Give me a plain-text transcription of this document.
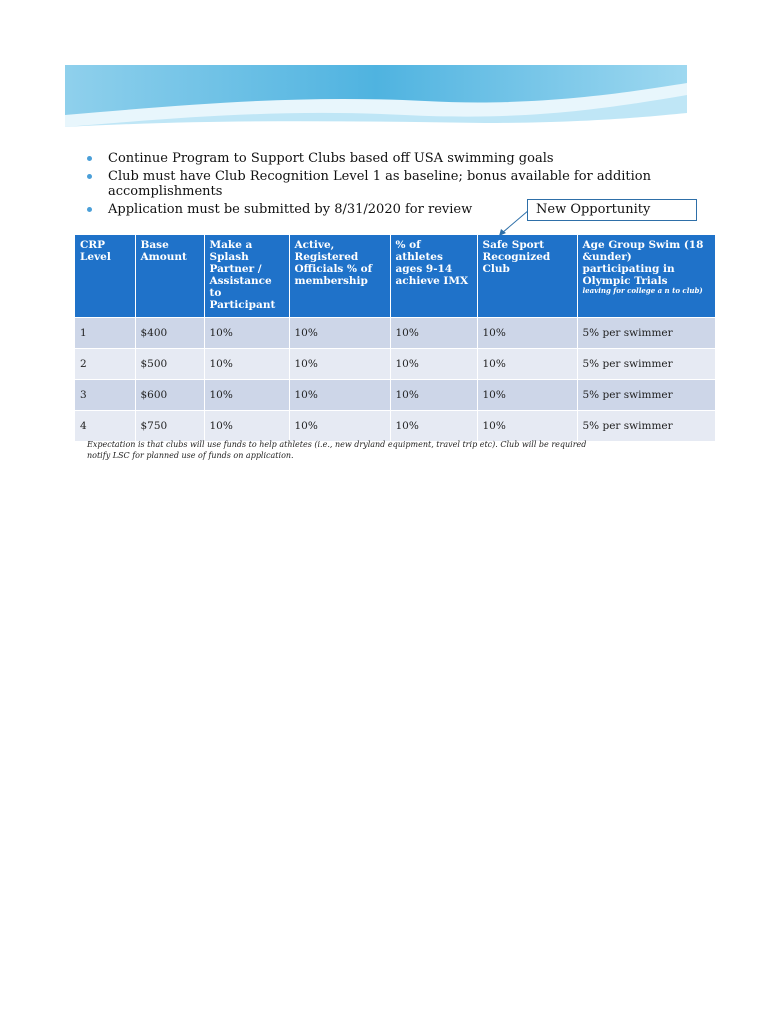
Continue Program to Support Clubs based off USA swimming goals
Club must have Club Recognition Level 1 as baseline; bonus available for addition
accomplishments
Application must be submitted by 8/31/2020 for review	New Opportunity
CRP Level	Base Amount	Make a Splash Partner / Assistance to Participant	Active, Registered Officials % of membership	% of athletes ages 9-14 achieve IMX	Safe Sport Recognized Club	Age Group Swim (18 &under) participating in Olympic Trials
leaving for college a n to club)

1	$400	10%	10%	10%	10%	5% per swimmer
2	$500	10%	10%	10%	10%	5% per swimmer
3	$600	10%	10%	10%	10%	5% per swimmer
4	$750	10%	10%	10%	10%	5% per swimmer
Expectation is that clubs will use funds to help athletes (i.e., new dryland equipment, travel trip etc). Club will be required
notify LSC for planned use of funds on application.
